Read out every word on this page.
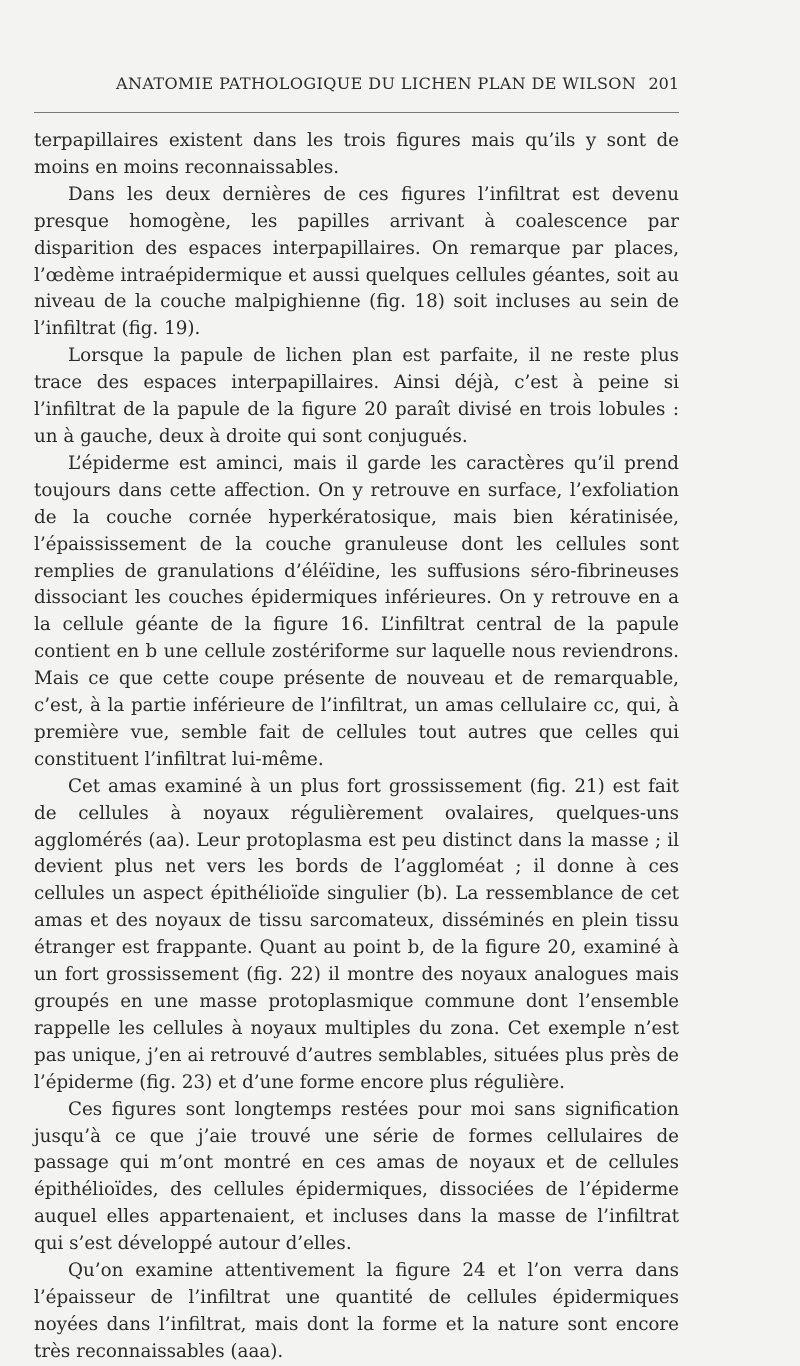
ANATOMIE PATHOLOGIQUE DU LICHEN PLAN DE WILSON 201

terpapillaires existent dans les trois figures mais qu’ils y sont de moins en moins reconnaissables.

Dans les deux dernières de ces figures l’infiltrat est devenu presque homogène, les papilles arrivant à coalescence par disparition des espaces interpapillaires. On remarque par places, l’œdème intraépidermique et aussi quelques cellules géantes, soit au niveau de la couche malpighienne (fig. 18) soit incluses au sein de l’infiltrat (fig. 19).

Lorsque la papule de lichen plan est parfaite, il ne reste plus trace des espaces interpapillaires. Ainsi déjà, c’est à peine si l’infiltrat de la papule de la figure 20 paraît divisé en trois lobules : un à gauche, deux à droite qui sont conjugués.

L’épiderme est aminci, mais il garde les caractères qu’il prend toujours dans cette affection. On y retrouve en surface, l’exfoliation de la couche cornée hyperkératosique, mais bien kératinisée, l’épaississement de la couche granuleuse dont les cellules sont remplies de granulations d’éléïdine, les suffusions séro-fibrineuses dissociant les couches épidermiques inférieures. On y retrouve en a la cellule géante de la figure 16. L’infiltrat central de la papule contient en b une cellule zostériforme sur laquelle nous reviendrons. Mais ce que cette coupe présente de nouveau et de remarquable, c’est, à la partie inférieure de l’infiltrat, un amas cellulaire cc, qui, à première vue, semble fait de cellules tout autres que celles qui constituent l’infiltrat lui-même.

Cet amas examiné à un plus fort grossissement (fig. 21) est fait de cellules à noyaux régulièrement ovalaires, quelques-uns agglomérés (aa). Leur protoplasma est peu distinct dans la masse ; il devient plus net vers les bords de l’aggloméat ; il donne à ces cellules un aspect épithélioïde singulier (b). La ressemblance de cet amas et des noyaux de tissu sarcomateux, disséminés en plein tissu étranger est frappante. Quant au point b, de la figure 20, examiné à un fort grossissement (fig. 22) il montre des noyaux analogues mais groupés en une masse protoplasmique commune dont l’ensemble rappelle les cellules à noyaux multiples du zona. Cet exemple n’est pas unique, j’en ai retrouvé d’autres semblables, situées plus près de l’épiderme (fig. 23) et d’une forme encore plus régulière.

Ces figures sont longtemps restées pour moi sans signification jusqu’à ce que j’aie trouvé une série de formes cellulaires de passage qui m’ont montré en ces amas de noyaux et de cellules épithélioïdes, des cellules épidermiques, dissociées de l’épiderme auquel elles appartenaient, et incluses dans la masse de l’infiltrat qui s’est développé autour d’elles.

Qu’on examine attentivement la figure 24 et l’on verra dans l’épaisseur de l’infiltrat une quantité de cellules épidermiques noyées dans l’infiltrat, mais dont la forme et la nature sont encore très reconnaissables (aaa).
